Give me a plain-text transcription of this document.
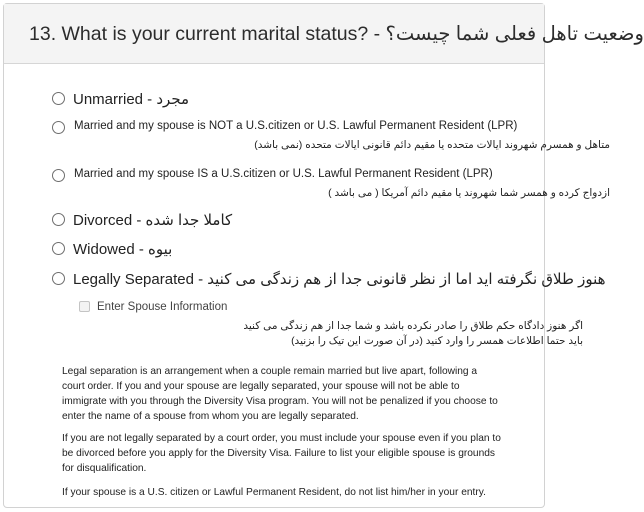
13. What is your current marital status? - وضعیت تاهل فعلی شما چیست؟
Unmarried - مجرد
Married and my spouse is NOT a U.S.citizen or U.S. Lawful Permanent Resident (LPR)
متاهل و همسرم شهروند ایالات متحده یا مقیم دائم قانونی ایالات متحده (نمی باشد)
Married and my spouse IS a U.S.citizen or U.S. Lawful Permanent Resident (LPR)
ازدواج کرده و همسر شما شهروند یا مقیم دائم آمریکا ( می باشد )
Divorced - کاملا جدا شده
Widowed - بیوه
Legally Separated - هنوز طلاق نگرفته اید اما از نظر قانونی جدا از هم زندگی می کنید
Enter Spouse Information
اگر هنوز دادگاه حکم طلاق را صادر نکرده باشد و شما جدا از هم زندگی می کنید
باید حتما اطلاعات همسر را وارد کنید (در آن صورت این تیک را بزنید)
Legal separation is an arrangement when a couple remain married but live apart, following a court order. If you and your spouse are legally separated, your spouse will not be able to immigrate with you through the Diversity Visa program. You will not be penalized if you choose to enter the name of a spouse from whom you are legally separated.
If you are not legally separated by a court order, you must include your spouse even if you plan to be divorced before you apply for the Diversity Visa. Failure to list your eligible spouse is grounds for disqualification.
If your spouse is a U.S. citizen or Lawful Permanent Resident, do not list him/her in your entry.
